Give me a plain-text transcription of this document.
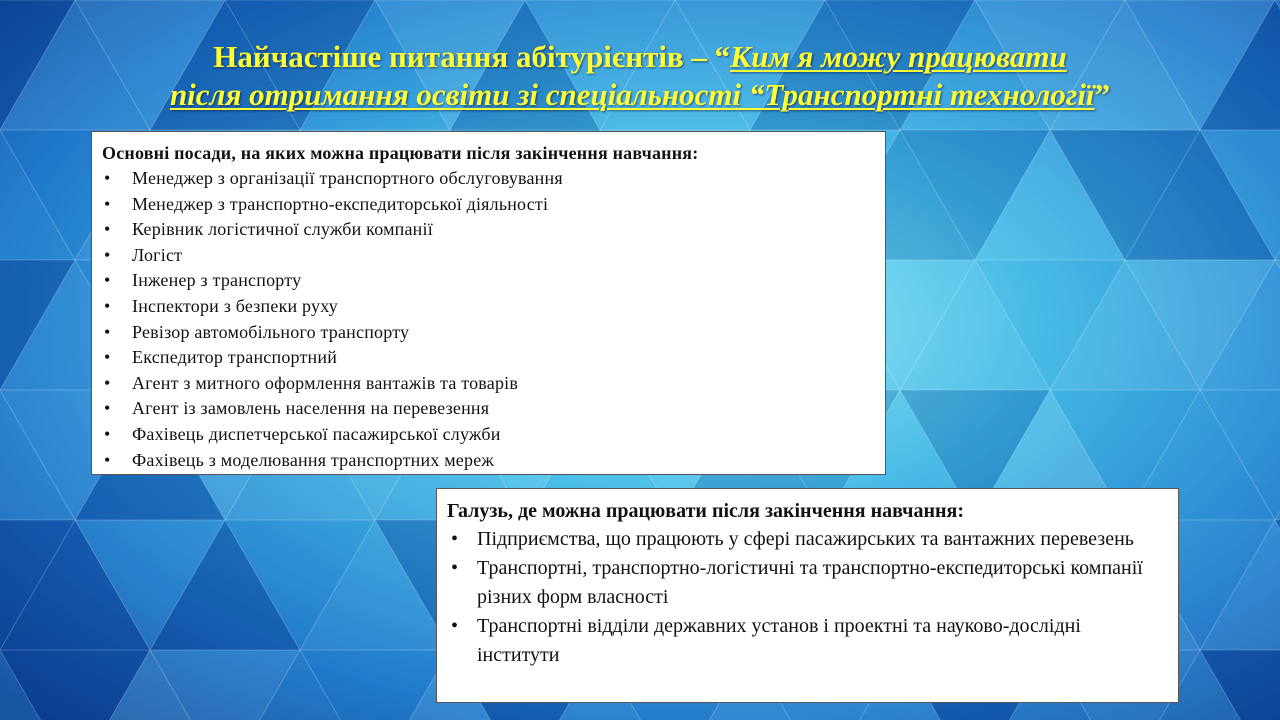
Найчастіше питання абітурієнтів – “Ким я можу працювати
після отримання освіти зі спеціальності “Транспортні технології”
Основні посади, на яких можна працювати після закінчення навчання:
• Менеджер з організації транспортного обслуговування
• Менеджер з транспортно-експедиторської діяльності
• Керівник логістичної служби компанії
• Логіст
• Інженер з транспорту
• Інспектори з безпеки руху
• Ревізор автомобільного транспорту
• Експедитор транспортний
• Агент з митного оформлення вантажів та товарів
• Агент із замовлень населення на перевезення
• Фахівець диспетчерської пасажирської служби
• Фахівець з моделювання транспортних мереж
Галузь, де можна працювати після закінчення навчання:
• Підприємства, що працюють у сфері пасажирських та вантажних перевезень
• Транспортні, транспортно-логістичні та транспортно-експедиторські компанії різних форм власності
• Транспортні відділи державних установ і проектні та науково-дослідні інститути
